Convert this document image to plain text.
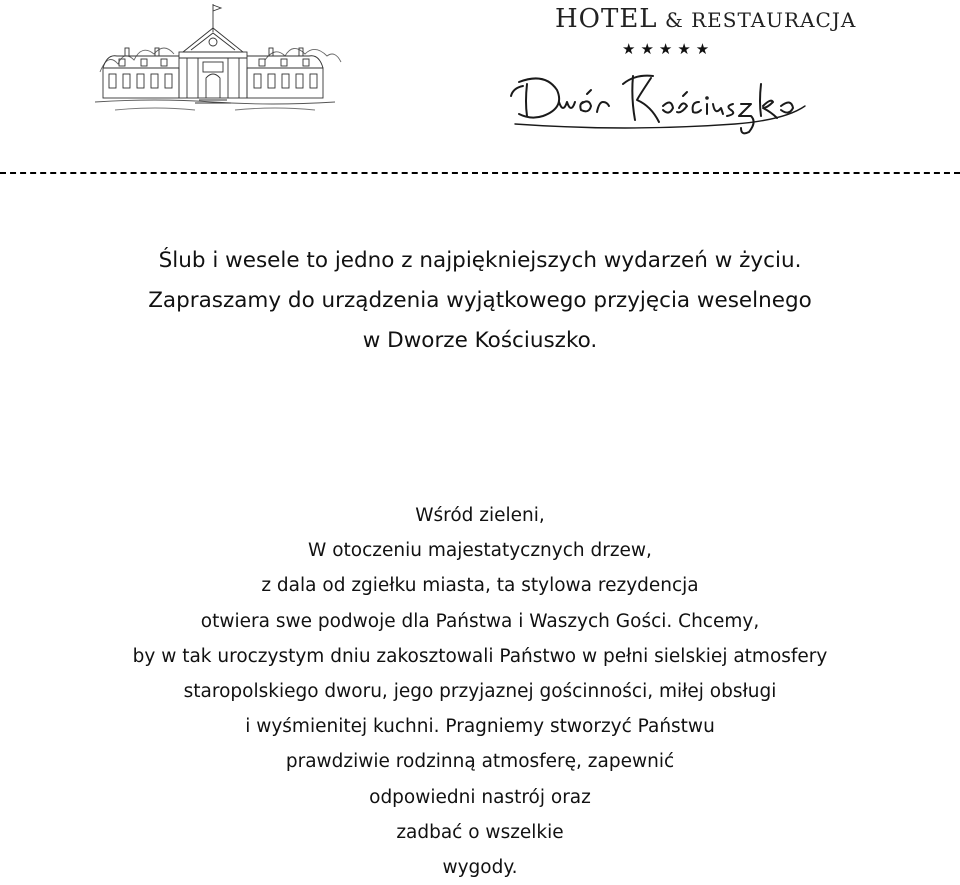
HOTEL & RESTAURACJA
★★★★★
Ślub i wesele to jedno z najpiękniejszych wydarzeń w życiu.
Zapraszamy do urządzenia wyjątkowego przyjęcia weselnego
w Dworze Kościuszko.
Wśród zieleni,
W otoczeniu majestatycznych drzew,
z dala od zgiełku miasta, ta stylowa rezydencja
otwiera swe podwoje dla Państwa i Waszych Gości. Chcemy,
by w tak uroczystym dniu zakosztowali Państwo w pełni sielskiej atmosfery
staropolskiego dworu, jego przyjaznej gościnności, miłej obsługi
i wyśmienitej kuchni. Pragniemy stworzyć Państwu
prawdziwie rodzinną atmosferę, zapewnić
odpowiedni nastrój oraz
zadbać o wszelkie
wygody.
